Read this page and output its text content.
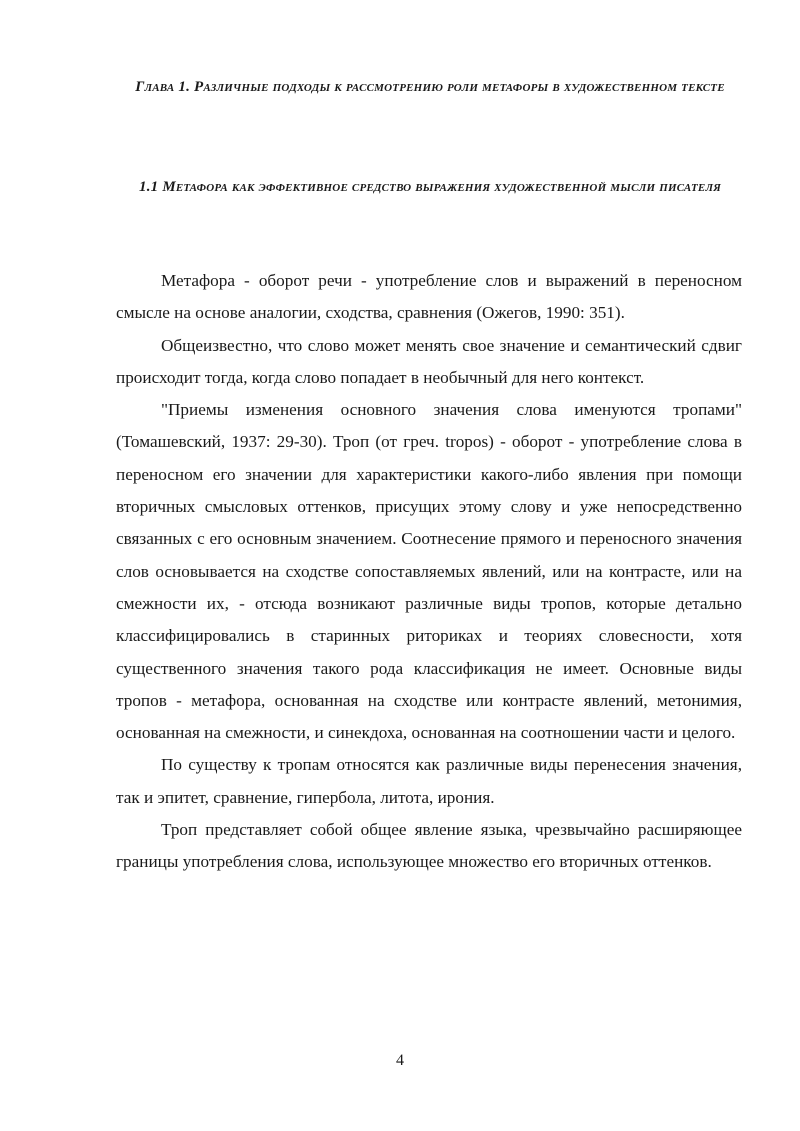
Глава 1. Различные подходы к рассмотрению роли метафоры в художественном тексте
1.1 Метафора как эффективное средство выражения художественной мысли писателя

Метафора - оборот речи - употребление слов и выражений в переносном смысле на основе аналогии, сходства, сравнения (Ожегов, 1990: 351).

Общеизвестно, что слово может менять свое значение и семантический сдвиг происходит тогда, когда слово попадает в необычный для него контекст.

"Приемы изменения основного значения слова именуются тропами" (Томашевский, 1937: 29-30). Троп (от греч. tropos) - оборот - употребление слова в переносном его значении для характеристики какого-либо явления при помощи вторичных смысловых оттенков, присущих этому слову и уже непосредственно связанных с его основным значением. Соотнесение прямого и переносного значения слов основывается на сходстве сопоставляемых явлений, или на контрасте, или на смежности их, - отсюда возникают различные виды тропов, которые детально классифицировались в старинных риториках и теориях словесности, хотя существенного значения такого рода классификация не имеет. Основные виды тропов - метафора, основанная на сходстве или контрасте явлений, метонимия, основанная на смежности, и синекдоха, основанная на соотношении части и целого.

По существу к тропам относятся как различные виды перенесения значения, так и эпитет, сравнение, гипербола, литота, ирония.

Троп представляет собой общее явление языка, чрезвычайно расширяющее границы употребления слова, использующее множество его вторичных оттенков.

4
